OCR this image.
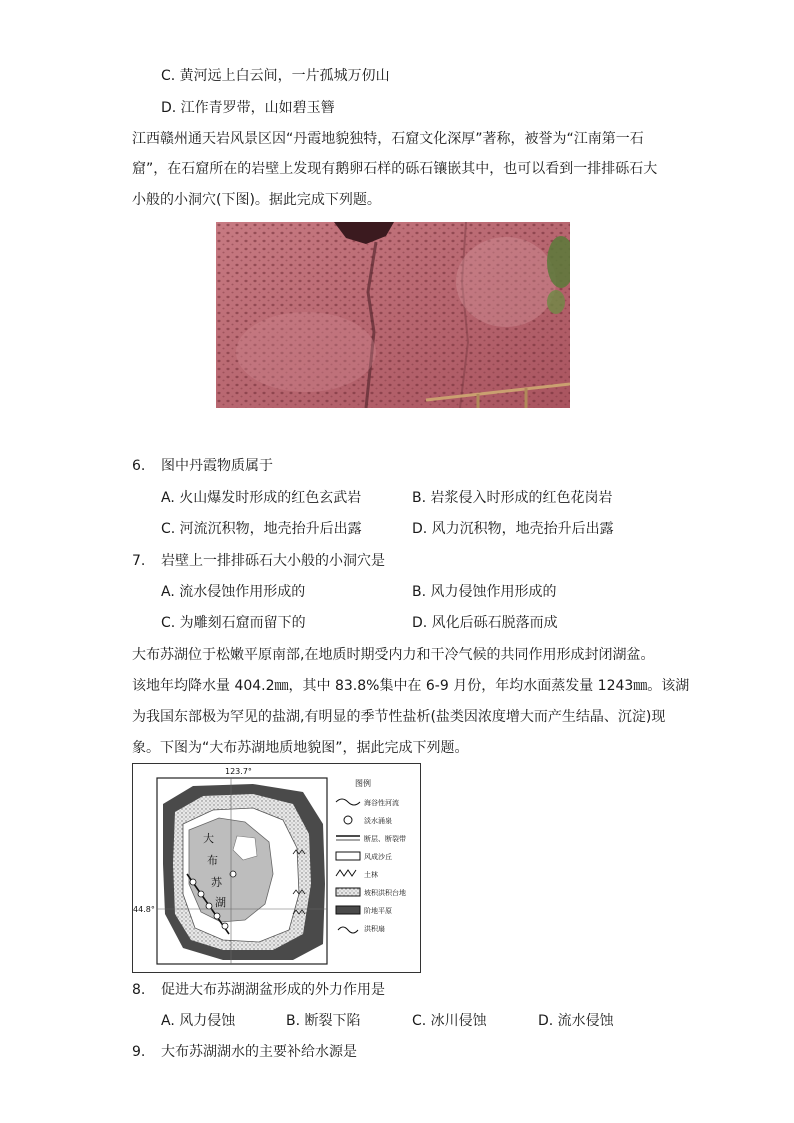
C. 黄河远上白云间，一片孤城万仞山
D. 江作青罗带，山如碧玉簪
江西赣州通天岩风景区因“丹霞地貌独特，石窟文化深厚”著称，被誉为“江南第一石
窟”，在石窟所在的岩壁上发现有鹅卵石样的砾石镶嵌其中，也可以看到一排排砾石大
小般的小洞穴(下图)。据此完成下列题。
6. 图中丹霞物质属于
A. 火山爆发时形成的红色玄武岩	B. 岩浆侵入时形成的红色花岗岩
C. 河流沉积物，地壳抬升后出露	D. 风力沉积物，地壳抬升后出露
7. 岩壁上一排排砾石大小般的小洞穴是
A. 流水侵蚀作用形成的	B. 风力侵蚀作用形成的
C. 为雕刻石窟而留下的	D. 风化后砾石脱落而成
大布苏湖位于松嫩平原南部,在地质时期受内力和干冷气候的共同作用形成封闭湖盆。
该地年均降水量 404.2㎜，其中 83.8%集中在 6-9 月份，年均水面蒸发量 1243㎜。该湖
为我国东部极为罕见的盐湖,有明显的季节性盐析(盐类因浓度增大而产生结晶、沉淀)现
象。下图为“大布苏湖地质地貌图”，据此完成下列题。
大
布
苏
湖
123.7°
44.8°
图例
海谷性河流
淡水涌泉
断层、断裂带
风成沙丘
土林
坡积洪积台地
阶地平原
洪积扇
8. 促进大布苏湖湖盆形成的外力作用是
A. 风力侵蚀	B. 断裂下陷	C. 冰川侵蚀	D. 流水侵蚀
9. 大布苏湖湖水的主要补给水源是
